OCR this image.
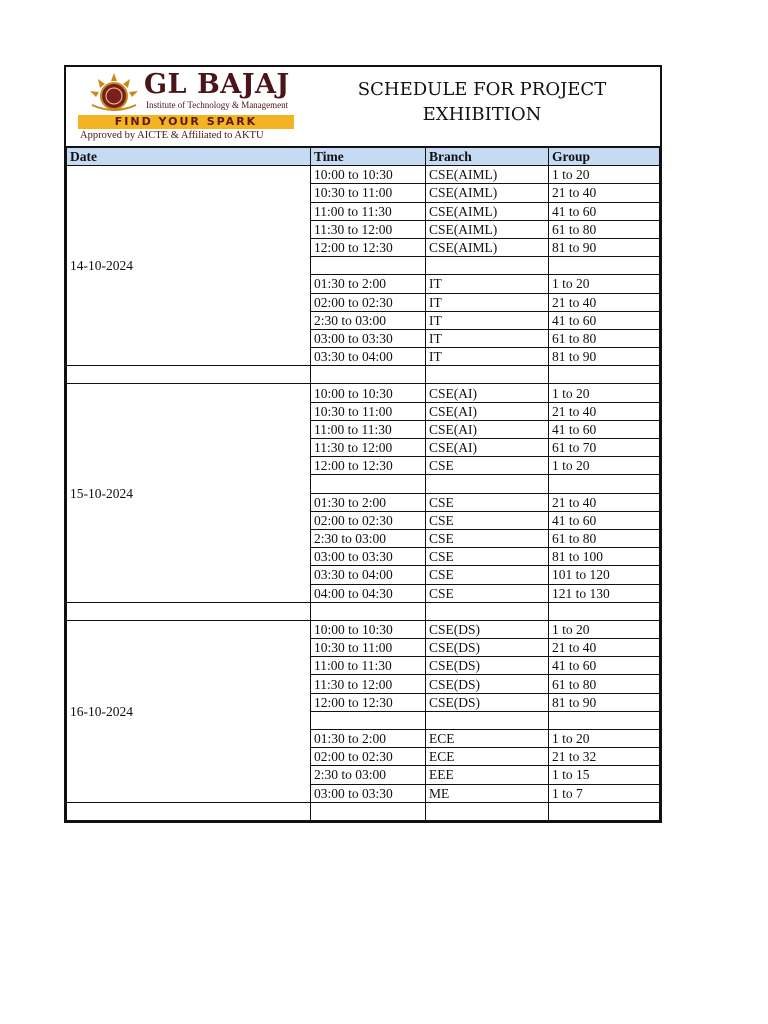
GL BAJAJ
Institute of Technology & Management
FIND YOUR SPARK
Approved by AICTE & Affiliated to AKTU
SCHEDULE FOR PROJECT
EXHIBITION
Date	Time	Branch	Group
14-10-2024	10:00 to 10:30	CSE(AIML)	1 to 20
	10:30 to 11:00	CSE(AIML)	21 to 40
	11:00 to 11:30	CSE(AIML)	41 to 60
	11:30 to 12:00	CSE(AIML)	61 to 80
	12:00 to 12:30	CSE(AIML)	81 to 90

	01:30 to 2:00	IT	1 to 20
	02:00 to 02:30	IT	21 to 40
	2:30 to 03:00	IT	41 to 60
	03:00 to 03:30	IT	61 to 80
	03:30 to 04:00	IT	81 to 90

15-10-2024	10:00 to 10:30	CSE(AI)	1 to 20
	10:30 to 11:00	CSE(AI)	21 to 40
	11:00 to 11:30	CSE(AI)	41 to 60
	11:30 to 12:00	CSE(AI)	61 to 70
	12:00 to 12:30	CSE	1 to 20

	01:30 to 2:00	CSE	21 to 40
	02:00 to 02:30	CSE	41 to 60
	2:30 to 03:00	CSE	61 to 80
	03:00 to 03:30	CSE	81 to 100
	03:30 to 04:00	CSE	101 to 120
	04:00 to 04:30	CSE	121 to 130

16-10-2024	10:00 to 10:30	CSE(DS)	1 to 20
	10:30 to 11:00	CSE(DS)	21 to 40
	11:00 to 11:30	CSE(DS)	41 to 60
	11:30 to 12:00	CSE(DS)	61 to 80
	12:00 to 12:30	CSE(DS)	81 to 90

	01:30 to 2:00	ECE	1 to 20
	02:00 to 02:30	ECE	21 to 32
	2:30 to 03:00	EEE	1 to 15
	03:00 to 03:30	ME	1 to 7
